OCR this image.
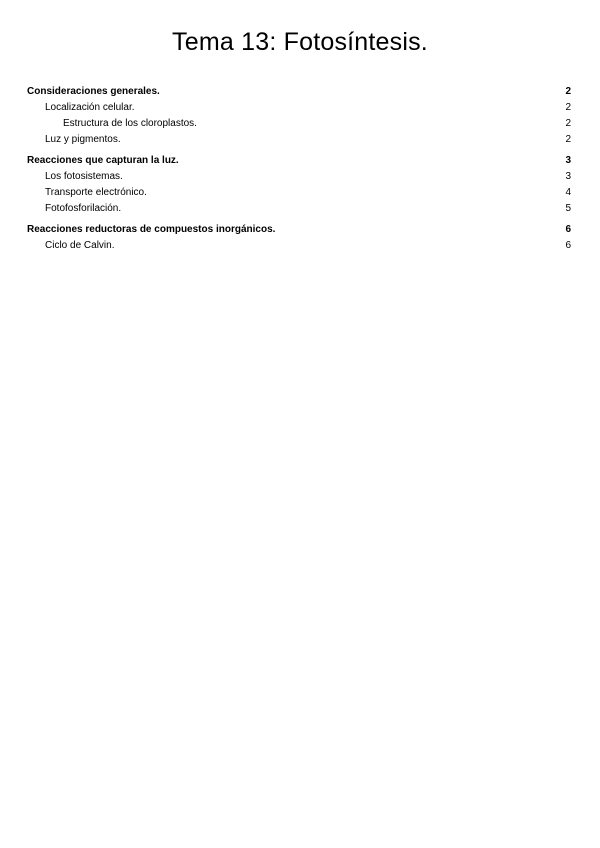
Tema 13: Fotosíntesis.
Consideraciones generales.	2
Localización celular.	2
Estructura de los cloroplastos.	2
Luz y pigmentos.	2
Reacciones que capturan la luz.	3
Los fotosistemas.	3
Transporte electrónico.	4
Fotofosforilación.	5
Reacciones reductoras de compuestos inorgánicos.	6
Ciclo de Calvin.	6
